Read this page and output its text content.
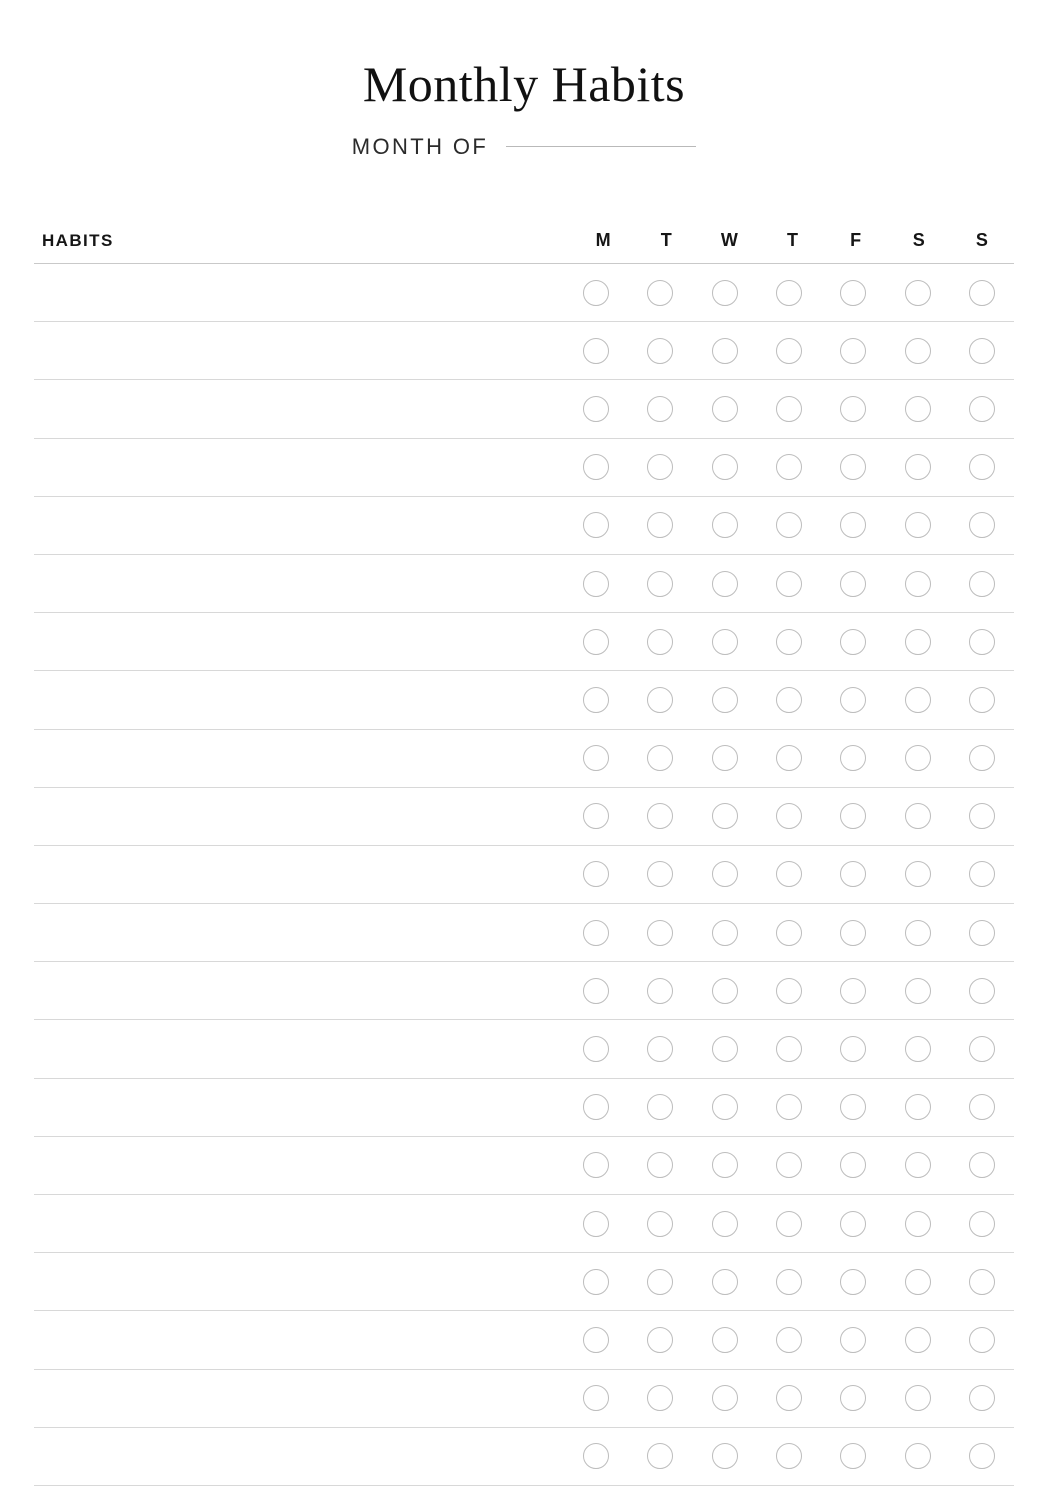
Monthly Habits
MONTH OF
HABITS	M	T	W	T	F	S	S
